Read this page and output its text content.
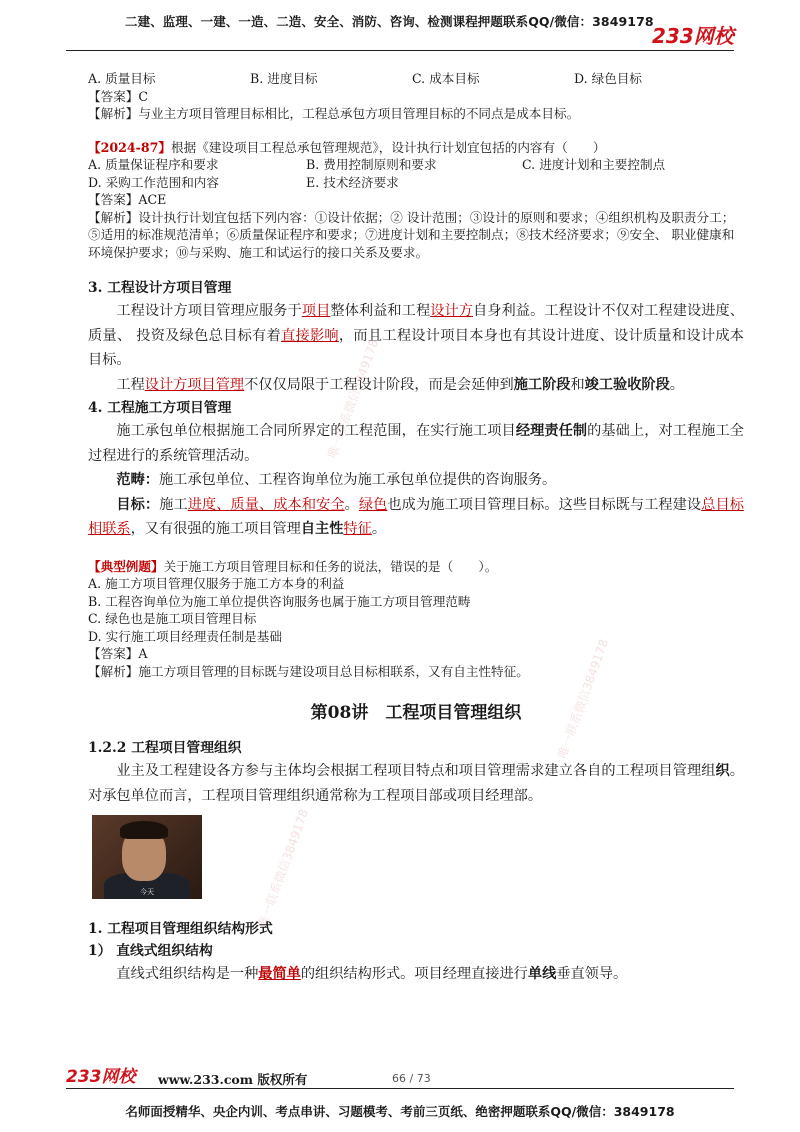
二建、监理、一建、一造、二造、安全、消防、咨询、检测课程押题联系QQ/微信：3849178
233网校
唯一联系微信3849178
唯一联系微信3849178
唯一联系微信3849178
A. 质量目标	B. 进度目标	C. 成本目标	D. 绿色目标
【答案】C
【解析】与业主方项目管理目标相比，工程总承包方项目管理目标的不同点是成本目标。
【2024-87】根据《建设项目工程总承包管理规范》，设计执行计划宜包括的内容有（　　）
A. 质量保证程序和要求	B. 费用控制原则和要求	C. 进度计划和主要控制点
D. 采购工作范围和内容	E. 技术经济要求
【答案】ACE
【解析】设计执行计划宜包括下列内容：①设计依据；② 设计范围；③设计的原则和要求；④组织机构及职责分工；⑤适用的标准规范清单；⑥质量保证程序和要求；⑦进度计划和主要控制点；⑧技术经济要求；⑨安全、 职业健康和环境保护要求；⑩与采购、施工和试运行的接口关系及要求。
3. 工程设计方项目管理
工程设计方项目管理应服务于项目整体利益和工程设计方自身利益。工程设计不仅对工程建设进度、质量、 投资及绿色总目标有着直接影响，而且工程设计项目本身也有其设计进度、设计质量和设计成本目标。
工程设计方项目管理不仅仅局限于工程设计阶段，而是会延伸到施工阶段和竣工验收阶段。
4. 工程施工方项目管理
施工承包单位根据施工合同所界定的工程范围，在实行施工项目经理责任制的基础上，对工程施工全过程进行的系统管理活动。
范畴：施工承包单位、工程咨询单位为施工承包单位提供的咨询服务。
目标：施工进度、质量、成本和安全。绿色也成为施工项目管理目标。这些目标既与工程建设总目标相联系，又有很强的施工项目管理自主性特征。
【典型例题】关于施工方项目管理目标和任务的说法，错误的是（　　）。
A. 施工方项目管理仅服务于施工方本身的利益
B. 工程咨询单位为施工单位提供咨询服务也属于施工方项目管理范畴
C. 绿色也是施工项目管理目标
D. 实行施工项目经理责任制是基础
【答案】A
【解析】施工方项目管理的目标既与建设项目总目标相联系，又有自主性特征。
第08讲　工程项目管理组织
1.2.2 工程项目管理组织
业主及工程建设各方参与主体均会根据工程项目特点和项目管理需求建立各自的工程项目管理组织。对承包单位而言，工程项目管理组织通常称为工程项目部或项目经理部。
今天
1. 工程项目管理组织结构形式
1） 直线式组织结构
直线式组织结构是一种最简单的组织结构形式。项目经理直接进行单线垂直领导。
233网校 www.233.com 版权所有	66 / 73
名师面授精华、央企内训、考点串讲、习题模考、考前三页纸、绝密押题联系QQ/微信：3849178
